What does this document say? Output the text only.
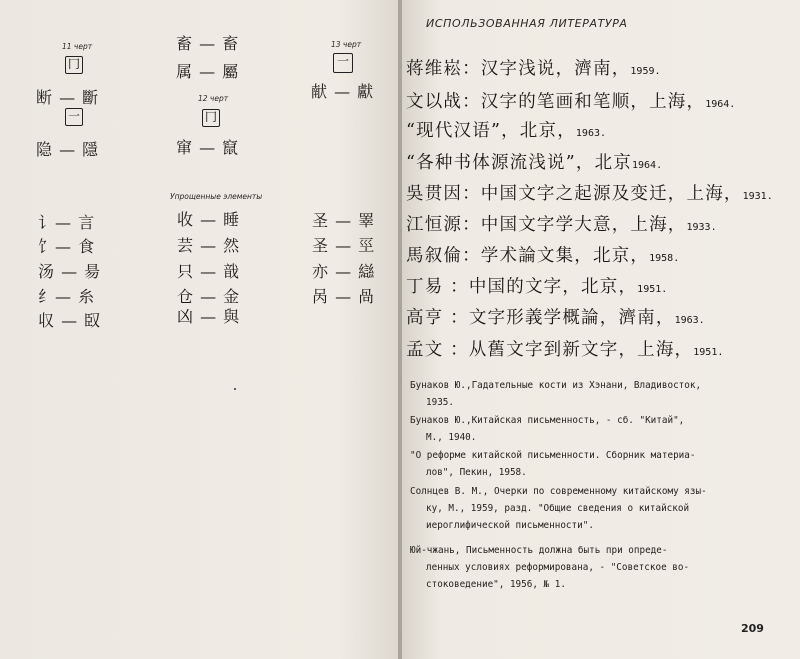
11 черт
12 черт
13 черт
Упрощенные элементы
⼌
⼀	⼌
⼀
断 — 斷
隐 — 隱
畜 — 畜
属 — 屬
窜 — 竄
献 — 獻
讠— 言
饣— 食
汤 — 昜
纟— 糸
収 — 臤
收 — 睡
芸 — 然
只 — 戠
仓 — 金
凶 — 與
圣 — 睪
圣 — 巠
亦 — 䜌
呙 — 咼
ИСПОЛЬЗОВАННАЯ ЛИТЕРАТУРА
蒋维崧：汉字浅说，濟南，1959.
文以战：汉字的笔画和笔顺，上海，1964.
“现代汉语”，北京，1963.
“各种书体源流浅说”，北京1964.
吳贯因：中国文字之起源及变迁，上海，1931.
江恒源：中国文字学大意，上海，1933.
馬叙倫：学术論文集，北京，1958.
丁易 ：中国的文字，北京，1951.
高亨 ：文字形義学概論，濟南，1963.
孟文 ：从舊文字到新文字，上海，1951.
Бунаков Ю.,Гадательные кости из Хэнани, Владивосток,
1935.
Бунаков Ю.,Китайская письменность, - сб. "Китай",
М., 1940.
"О реформе китайской письменности. Сборник материа-
лов", Пекин, 1958.
Солнцев В. М., Очерки по современному китайскому язы-
ку, М., 1959, разд. "Общие сведения о китайской
иероглифической письменности".
Юй-чжань, Письменность должна быть при опреде-
ленных условиях реформирована, - "Советское во-
стоковедение", 1956, № 1.
209
